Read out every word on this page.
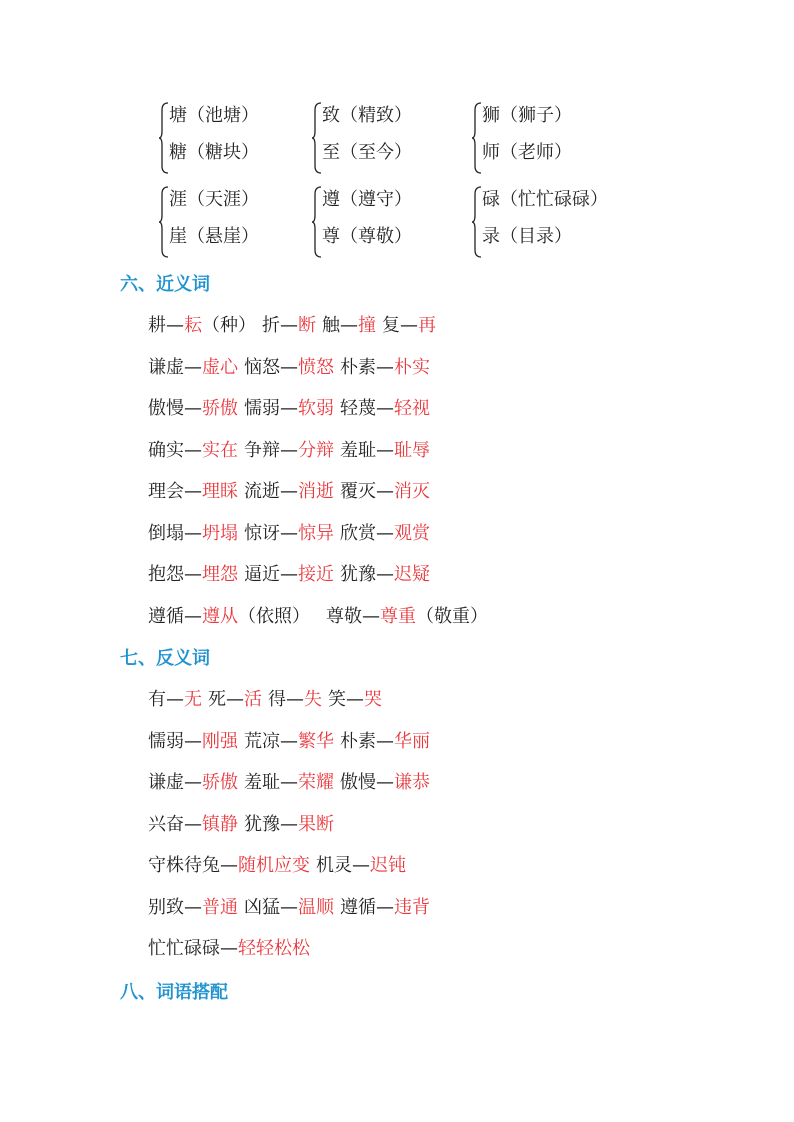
塘（池塘）
糖（糖块）
致（精致）
至（至今）
狮（狮子）
师（老师）
涯（天涯）
崖（悬崖）
遵（遵守）
尊（尊敬）
碌（忙忙碌碌）
录（目录）
六、近义词
耕—耘（种） 折—断 触—撞 复—再
谦虚—虚心 恼怒—愤怒 朴素—朴实
傲慢—骄傲 懦弱—软弱 轻蔑—轻视
确实—实在 争辩—分辩 羞耻—耻辱
理会—理睬 流逝—消逝 覆灭—消灭
倒塌—坍塌 惊讶—惊异 欣赏—观赏
抱怨—埋怨 逼近—接近 犹豫—迟疑
遵循—遵从（依照） 尊敬—尊重（敬重）
七、反义词
有—无 死—活 得—失 笑—哭
懦弱—刚强 荒凉—繁华 朴素—华丽
谦虚—骄傲 羞耻—荣耀 傲慢—谦恭
兴奋—镇静 犹豫—果断
守株待兔—随机应变 机灵—迟钝
别致—普通 凶猛—温顺 遵循—违背
忙忙碌碌—轻轻松松
八、词语搭配
